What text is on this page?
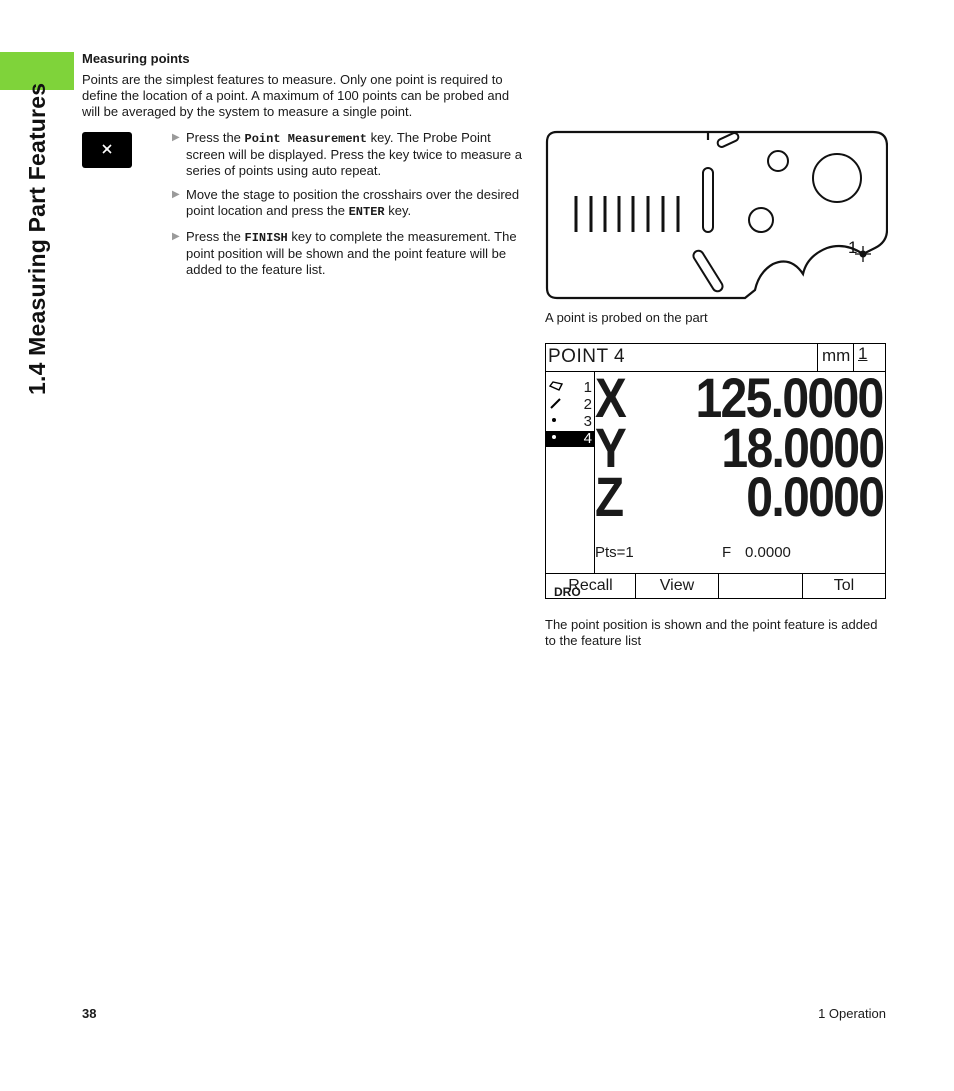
1.4 Measuring Part Features
Measuring points
Points are the simplest features to measure. Only one point is required to define the location of a point. A maximum of 100 points can be probed and will be averaged by the system to measure a single point.
▶ Press the Point Measurement key. The Probe Point screen will be displayed. Press the key twice to measure a series of points using auto repeat.
▶ Move the stage to position the crosshairs over the desired point location and press the ENTER key.
▶ Press the FINISH key to complete the measurement. The point position will be shown and the point feature will be added to the feature list.
1
A point is probed on the part
POINT 4	mm 1
1
2
3
4
DRO
X 125.0000
Y 18.0000
Z 0.0000
Pts=1	F 0.0000
Recall	View	Tol
The point position is shown and the point feature is added to the feature list
38	1 Operation
